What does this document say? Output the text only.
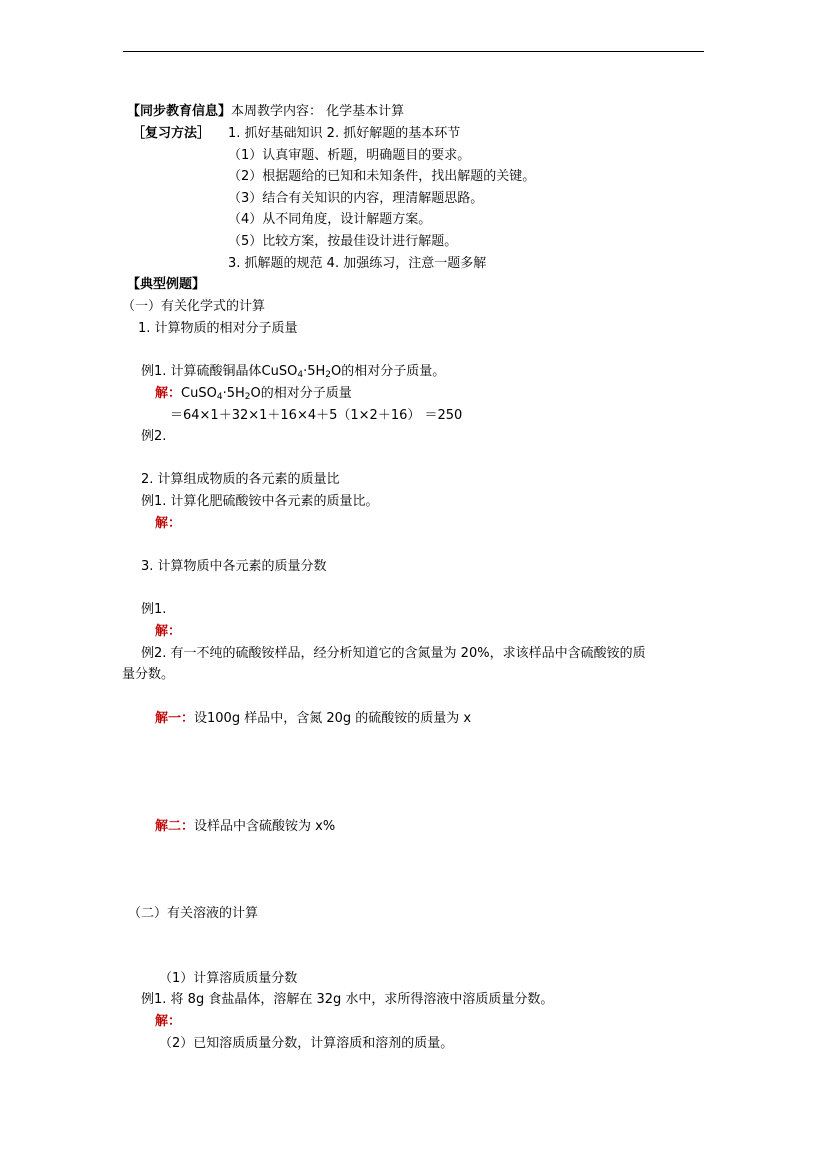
【同步教育信息】本周教学内容： 化学基本计算
［复习方法］ 1. 抓好基础知识 2. 抓好解题的基本环节
（1）认真审题、析题，明确题目的要求。
（2）根据题给的已知和未知条件，找出解题的关键。
（3）结合有关知识的内容，理清解题思路。
（4）从不同角度，设计解题方案。
（5）比较方案，按最佳设计进行解题。
3. 抓解题的规范 4. 加强练习，注意一题多解
【典型例题】
（一）有关化学式的计算
1. 计算物质的相对分子质量
例1. 计算硫酸铜晶体$CuSO_4\cdot 5H_2O$的相对分子质量。
解：$CuSO_4\cdot 5H_2O$的相对分子质量
＝64×1＋32×1＋16×4＋5（1×2＋16） ＝250
例2.
2. 计算组成物质的各元素的质量比
例1. 计算化肥硫酸铵中各元素的质量比。
解：
3. 计算物质中各元素的质量分数
例1.
解：
例2. 有一不纯的硫酸铵样品，经分析知道它的含氮量为 20%，求该样品中含硫酸铵的质
量分数。
解一：设100g 样品中，含氮 20g 的硫酸铵的质量为 x
解二：设样品中含硫酸铵为 x%
（二）有关溶液的计算
（1）计算溶质质量分数
例1. 将 8g 食盐晶体，溶解在 32g 水中，求所得溶液中溶质质量分数。
解：
（2）已知溶质质量分数，计算溶质和溶剂的质量。
